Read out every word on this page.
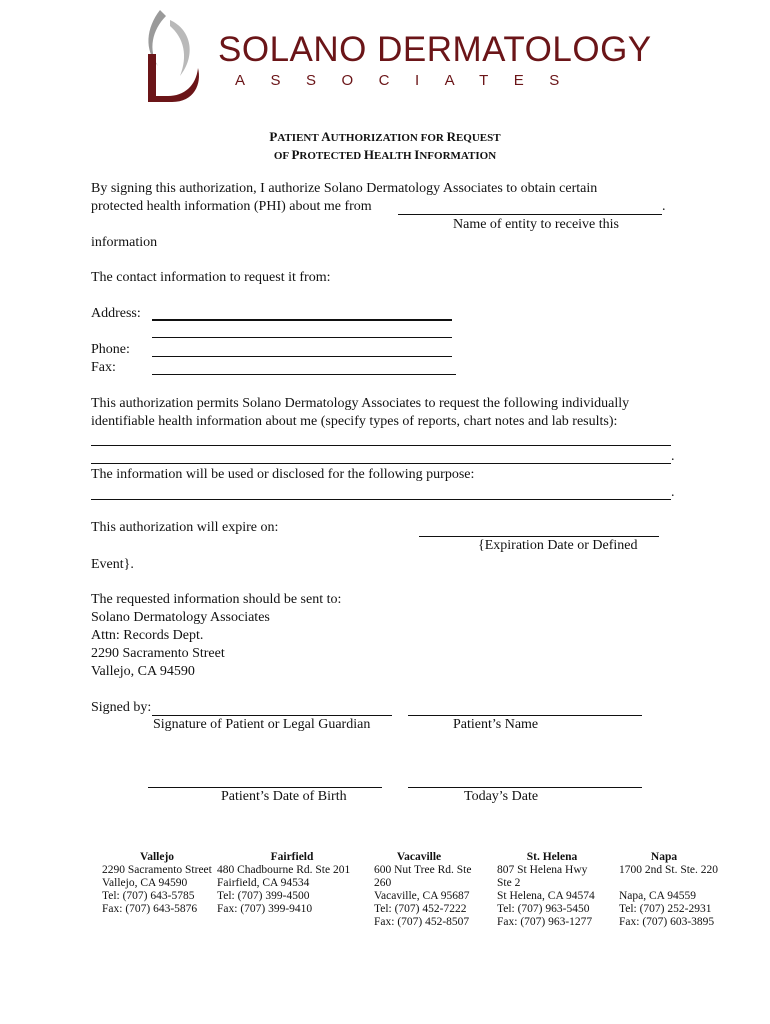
SOLANO DERMATOLOGY
ASSOCIATES
PATIENT AUTHORIZATION FOR REQUEST
OF PROTECTED HEALTH INFORMATION
By signing this authorization, I authorize Solano Dermatology Associates to obtain certain
protected health information (PHI) about me from	.
Name of entity to receive this
information
The contact information to request it from:
Address:
Phone:
Fax:
This authorization permits Solano Dermatology Associates to request the following individually
identifiable health information about me (specify types of reports, chart notes and lab results):
.
The information will be used or disclosed for the following purpose:
.
This authorization will expire on:
{Expiration Date or Defined
Event}.
The requested information should be sent to:
Solano Dermatology Associates
Attn: Records Dept.
2290 Sacramento Street
Vallejo, CA 94590
Signed by:
Signature of Patient or Legal Guardian	Patient’s Name
Patient’s Date of Birth	Today’s Date
Vallejo
2290 Sacramento Street
Vallejo, CA 94590
Tel: (707) 643-5785
Fax: (707) 643-5876
Fairfield
480 Chadbourne Rd. Ste 201
Fairfield, CA 94534
Tel: (707) 399-4500
Fax: (707) 399-9410
Vacaville
600 Nut Tree Rd. Ste 260
Vacaville, CA 95687
Tel: (707) 452-7222
Fax: (707) 452-8507
St. Helena
807 St Helena Hwy Ste 2
St Helena, CA 94574
Tel: (707) 963-5450
Fax: (707) 963-1277
Napa
1700 2nd St. Ste. 220
Napa, CA 94559
Tel: (707) 252-2931
Fax: (707) 603-3895
